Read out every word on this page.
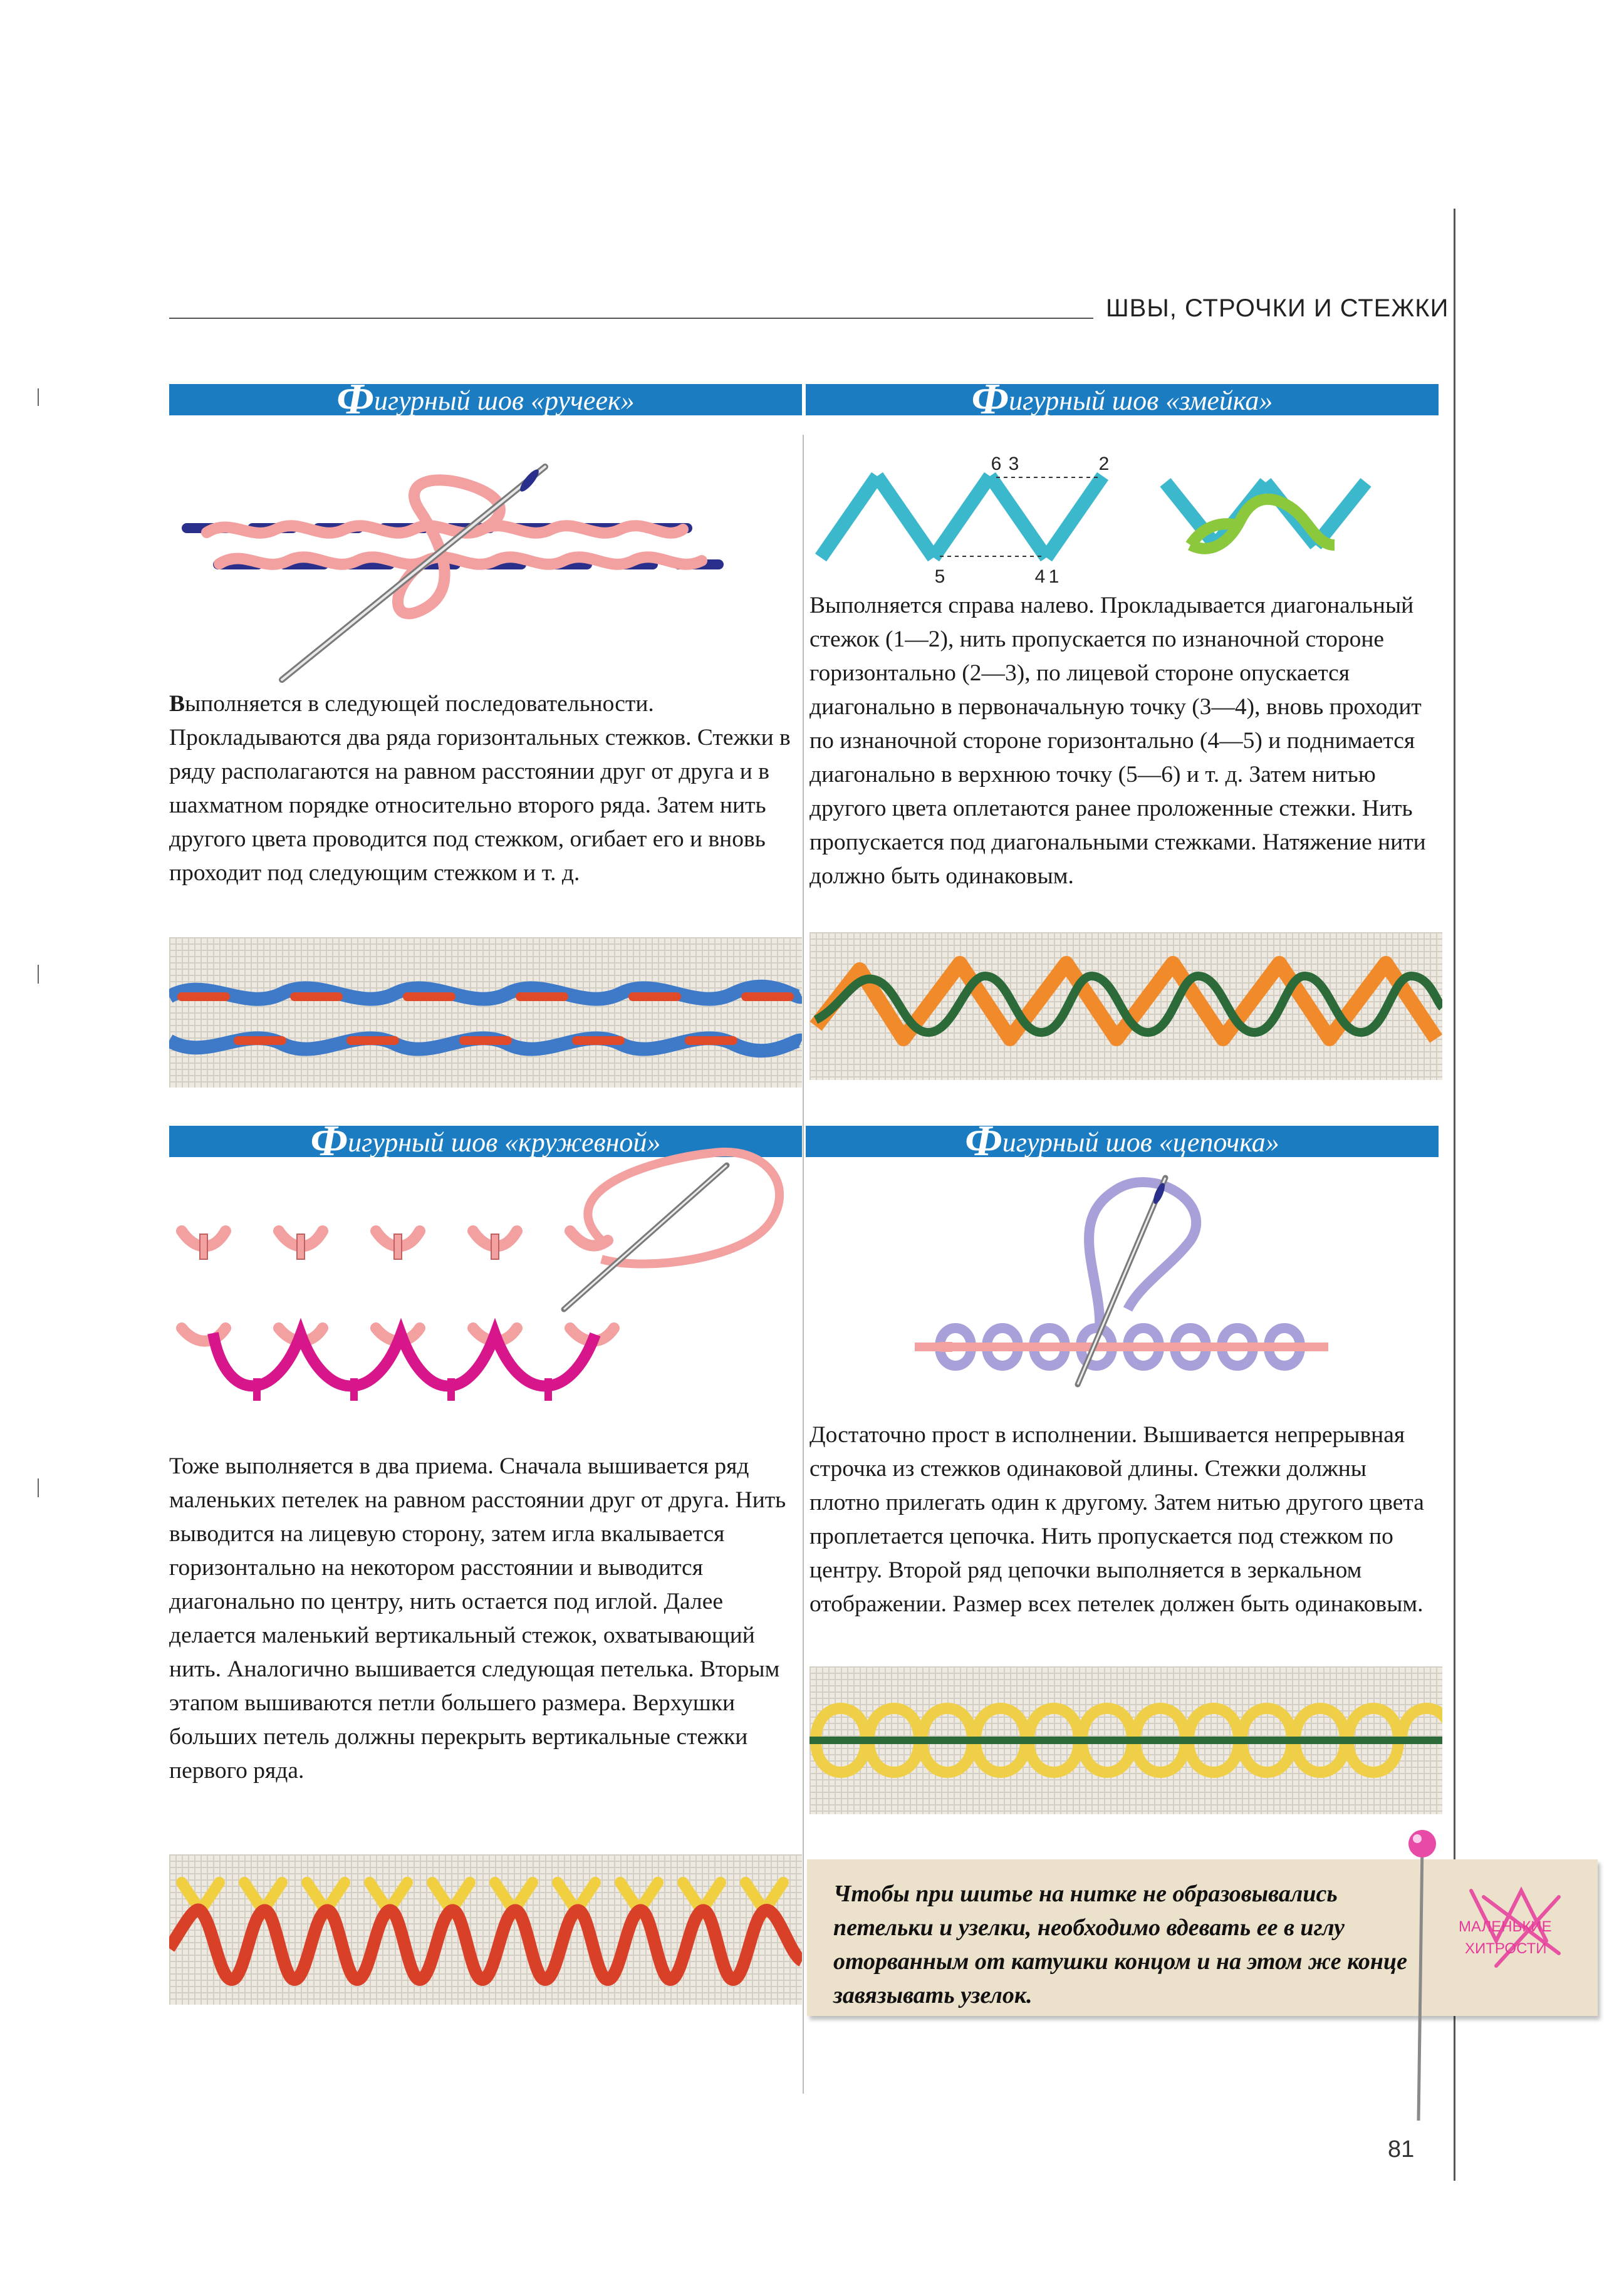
ШВЫ, СТРОЧКИ И СТЕЖКИ
Фигурный шов «ручеек»
Выполняется в следующей последовательности. Прокладываются два ряда горизонтальных стежков. Стежки в ряду располагаются на равном расстоянии друг от друга и в шахматном порядке относительно второго ряда. Затем нить другого цвета проводится под стежком, огибает его и вновь проходит под следующим стежком и т. д.
Фигурный шов «змейка»
6 3	2
5	4 1
Выполняется справа налево. Прокладывается диагональный стежок (1—2), нить пропускается по изнаночной стороне горизонтально (2—3), по лицевой стороне опускается диагонально в первоначальную точку (3—4), вновь проходит по изнаночной стороне горизонтально (4—5) и поднимается диагонально в верхнюю точку (5—6) и т. д. Затем нитью другого цвета оплетаются ранее проложенные стежки. Нить пропускается под диагональными стежками. Натяжение нити должно быть одинаковым.
Фигурный шов «кружевной»
Тоже выполняется в два приема. Сначала вышивается ряд маленьких петелек на равном расстоянии друг от друга. Нить выводится на лицевую сторону, затем игла вкалывается горизонтально на некотором расстоянии и выводится диагонально по центру, нить остается под иглой. Далее делается маленький вертикальный стежок, охватывающий нить. Аналогично вышивается следующая петелька. Вторым этапом вышиваются петли большего размера. Верхушки больших петель должны перекрыть вертикальные стежки первого ряда.
Фигурный шов «цепочка»
Достаточно прост в исполнении. Вышивается непрерывная строчка из стежков одинаковой длины. Стежки должны плотно прилегать один к другому. Затем нитью другого цвета проплетается цепочка. Нить пропускается под стежком по центру. Второй ряд цепочки выполняется в зеркальном отображении. Размер всех петелек должен быть одинаковым.
Чтобы при шитье на нитке не образовывались петельки и узелки, необходимо вдевать ее в иглу оторванным от катушки концом и на этом же конце завязывать узелок.
МАЛЕНЬКИЕ
ХИТРОСТИ
81
